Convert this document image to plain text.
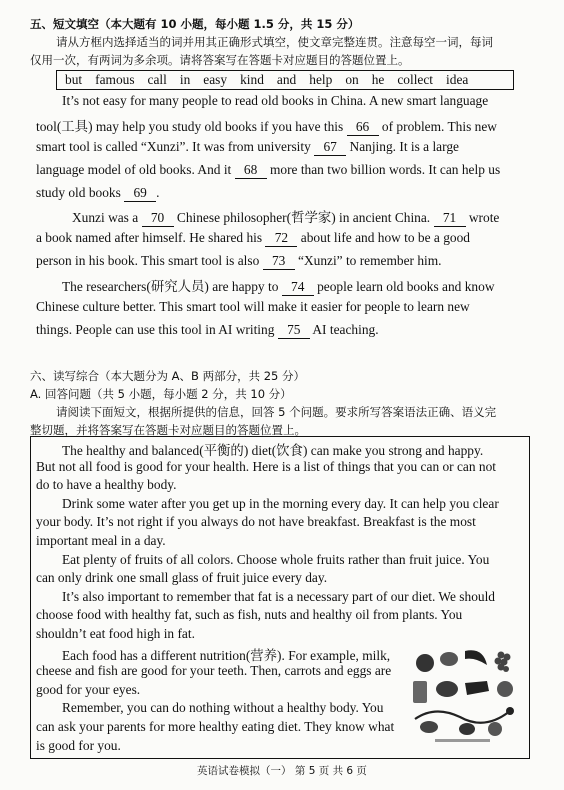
五、短文填空（本大题有 10 小题，每小题 1.5 分，共 15 分）
请从方框内选择适当的词并用其正确形式填空，使文章完整连贯。注意每空一词，每词
仅用一次，有两词为多余项。请将答案写在答题卡对应题目的答题位置上。
but famous call in easy kind and help on he collect idea
It’s not easy for many people to read old books in China. A new smart language
tool(工具) may help you study old books if you have this 66 of problem. This new
smart tool is called “Xunzi”. It was from university 67 Nanjing. It is a large
language model of old books. And it 68 more than two billion words. It can help us
study old books 69 .
Xunzi was a 70 Chinese philosopher(哲学家) in ancient China. 71 wrote
a book named after himself. He shared his 72 about life and how to be a good
person in his book. This smart tool is also 73 “Xunzi” to remember him.
The researchers(研究人员) are happy to 74 people learn old books and know
Chinese culture better. This smart tool will make it easier for people to learn new
things. People can use this tool in AI writing 75 AI teaching.
六、读写综合（本大题分为 A、B 两部分，共 25 分）
A. 回答问题（共 5 小题，每小题 2 分，共 10 分）
请阅读下面短文，根据所提供的信息，回答 5 个问题。要求所写答案语法正确、语义完
整切题，并将答案写在答题卡对应题目的答题位置上。
The healthy and balanced(平衡的) diet(饮食) can make you strong and happy.
But not all food is good for your health. Here is a list of things that you can or can not
do to have a healthy body.
Drink some water after you get up in the morning every day. It can help you clear
your body. It’s not right if you always do not have breakfast. Breakfast is the most
important meal in a day.
Eat plenty of fruits of all colors. Choose whole fruits rather than fruit juice. You
can only drink one small glass of fruit juice every day.
It’s also important to remember that fat is a necessary part of our diet. We should
choose food with healthy fat, such as fish, nuts and healthy oil from plants. You
shouldn’t eat food high in fat.
Each food has a different nutrition(营养). For example, milk,
cheese and fish are good for your teeth. Then, carrots and eggs are
good for your eyes.
Remember, you can do nothing without a healthy body. You
can ask your parents for more healthy eating diet. They know what
is good for you.
英语试卷模拟（一） 第 5 页 共 6 页
